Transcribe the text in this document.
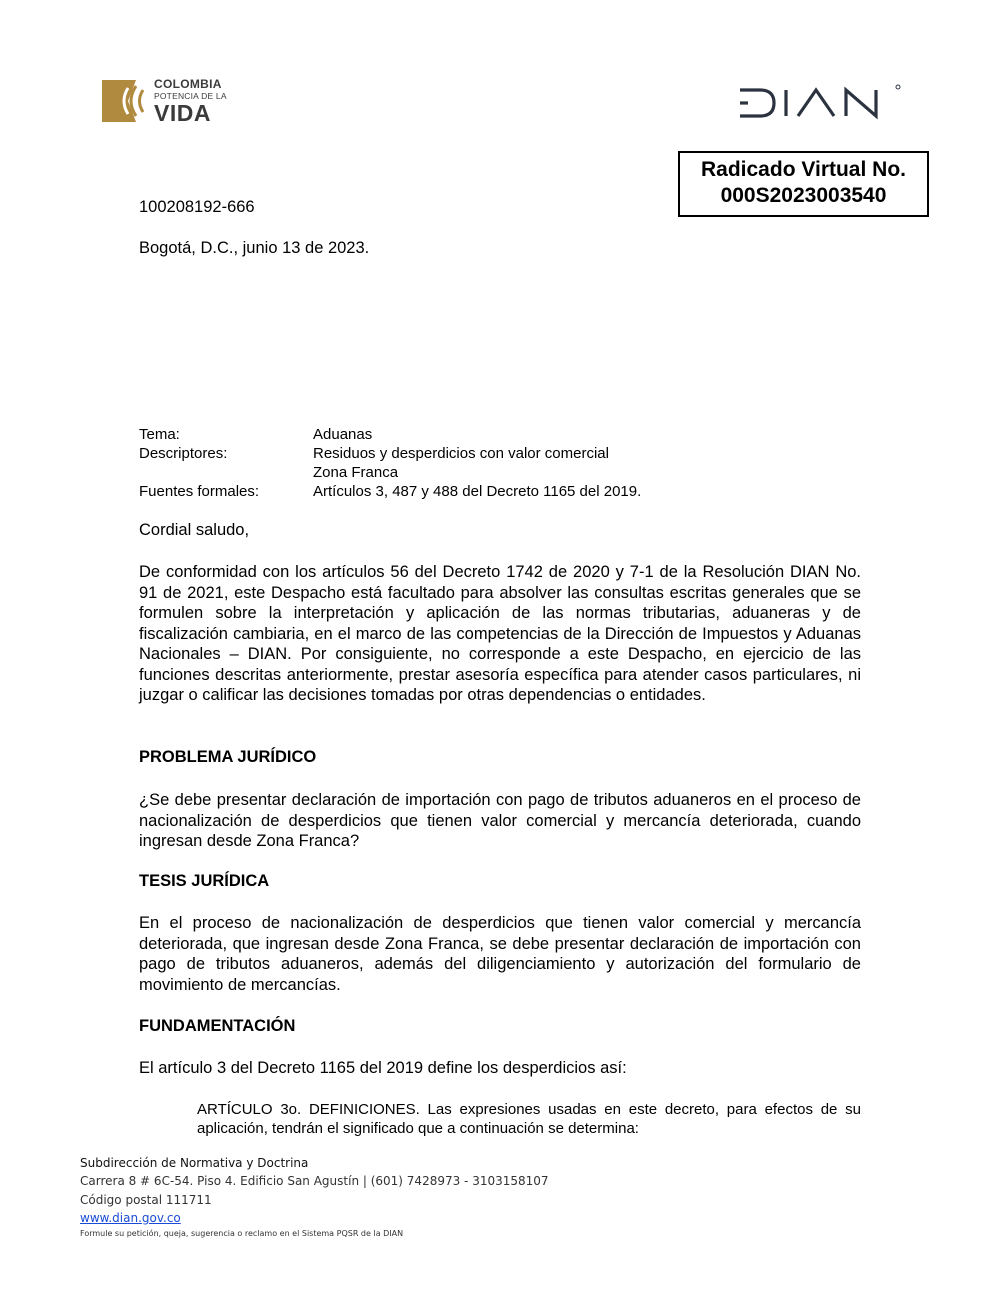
COLOMBIA
POTENCIA DE LA
VIDA
Radicado Virtual No.
000S2023003540
100208192-666
Bogotá, D.C., junio 13 de 2023.
Tema:	Aduanas
Descriptores:	Residuos y desperdicios con valor comercial
Zona Franca
Fuentes formales:	Artículos 3, 487 y 488 del Decreto 1165 del 2019.
Cordial saludo,
De conformidad con los artículos 56 del Decreto 1742 de 2020 y 7-1 de la Resolución DIAN No. 91 de 2021, este Despacho está facultado para absolver las consultas escritas generales que se formulen sobre la interpretación y aplicación de las normas tributarias, aduaneras y de fiscalización cambiaria, en el marco de las competencias de la Dirección de Impuestos y Aduanas Nacionales – DIAN. Por consiguiente, no corresponde a este Despacho, en ejercicio de las funciones descritas anteriormente, prestar asesoría específica para atender casos particulares, ni juzgar o calificar las decisiones tomadas por otras dependencias o entidades.
PROBLEMA JURÍDICO
¿Se debe presentar declaración de importación con pago de tributos aduaneros en el proceso de nacionalización de desperdicios que tienen valor comercial y mercancía deteriorada, cuando ingresan desde Zona Franca?
TESIS JURÍDICA
En el proceso de nacionalización de desperdicios que tienen valor comercial y mercancía deteriorada, que ingresan desde Zona Franca, se debe presentar declaración de importación con pago de tributos aduaneros, además del diligenciamiento y autorización del formulario de movimiento de mercancías.
FUNDAMENTACIÓN
El artículo 3 del Decreto 1165 del 2019 define los desperdicios así:
ARTÍCULO 3o. DEFINICIONES. Las expresiones usadas en este decreto, para efectos de su aplicación, tendrán el significado que a continuación se determina:
Subdirección de Normativa y Doctrina
Carrera 8 # 6C-54. Piso 4. Edificio San Agustín | (601) 7428973 - 3103158107
Código postal 111711
www.dian.gov.co
Formule su petición, queja, sugerencia o reclamo en el Sistema PQSR de la DIAN
